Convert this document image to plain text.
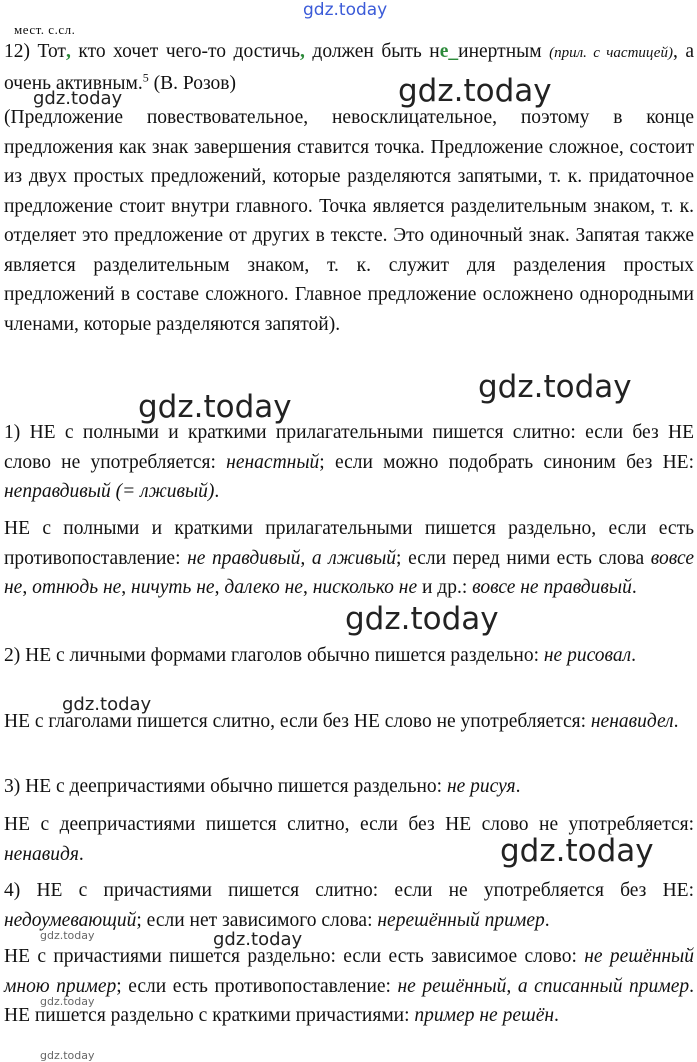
gdz.today
мест. с.сл.
12) Тот, кто хочет чего-то достичь, должен быть не_инертным (прил. с частицей), а очень активным.$^5$ (В. Розов)
(Предложение повествовательное, невосклицательное, поэтому в конце предложения как знак завершения ставится точка. Предложение сложное, состоит из двух простых предложений, которые разделяются запятыми, т. к. придаточное предложение стоит внутри главного. Точка является разделительным знаком, т. к. отделяет это предложение от других в тексте. Это одиночный знак. Запятая также является разделительным знаком, т. к. служит для разделения простых предложений в составе сложного. Главное предложение осложнено однородными членами, которые разделяются запятой).
1) НЕ с полными и краткими прилагательными пишется слитно: если без НЕ слово не употребляется: ненастный; если можно подобрать синоним без НЕ: неправдивый (= лживый).
НЕ с полными и краткими прилагательными пишется раздельно, если есть противопоставление: не правдивый, а лживый; если перед ними есть слова вовсе не, отнюдь не, ничуть не, далеко не, нисколько не и др.: вовсе не правдивый.
2) НЕ с личными формами глаголов обычно пишется раздельно: не рисовал.
НЕ с глаголами пишется слитно, если без НЕ слово не употребляется: ненавидел.
3) НЕ с деепричастиями обычно пишется раздельно: не рисуя.
НЕ с деепричастиями пишется слитно, если без НЕ слово не употребляется: ненавидя.
4) НЕ с причастиями пишется слитно: если не употребляется без НЕ: недоумевающий; если нет зависимого слова: нерешённый пример.
НЕ с причастиями пишется раздельно: если есть зависимое слово: не решённый мною пример; если есть противопоставление: не решённый, а списанный пример. НЕ пишется раздельно с краткими причастиями: пример не решён.
gdz.today	gdz.today
gdz.today
gdz.today
gdz.today
gdz.today
gdz.today
gdz.today	gdz.today
gdz.today
gdz.today
